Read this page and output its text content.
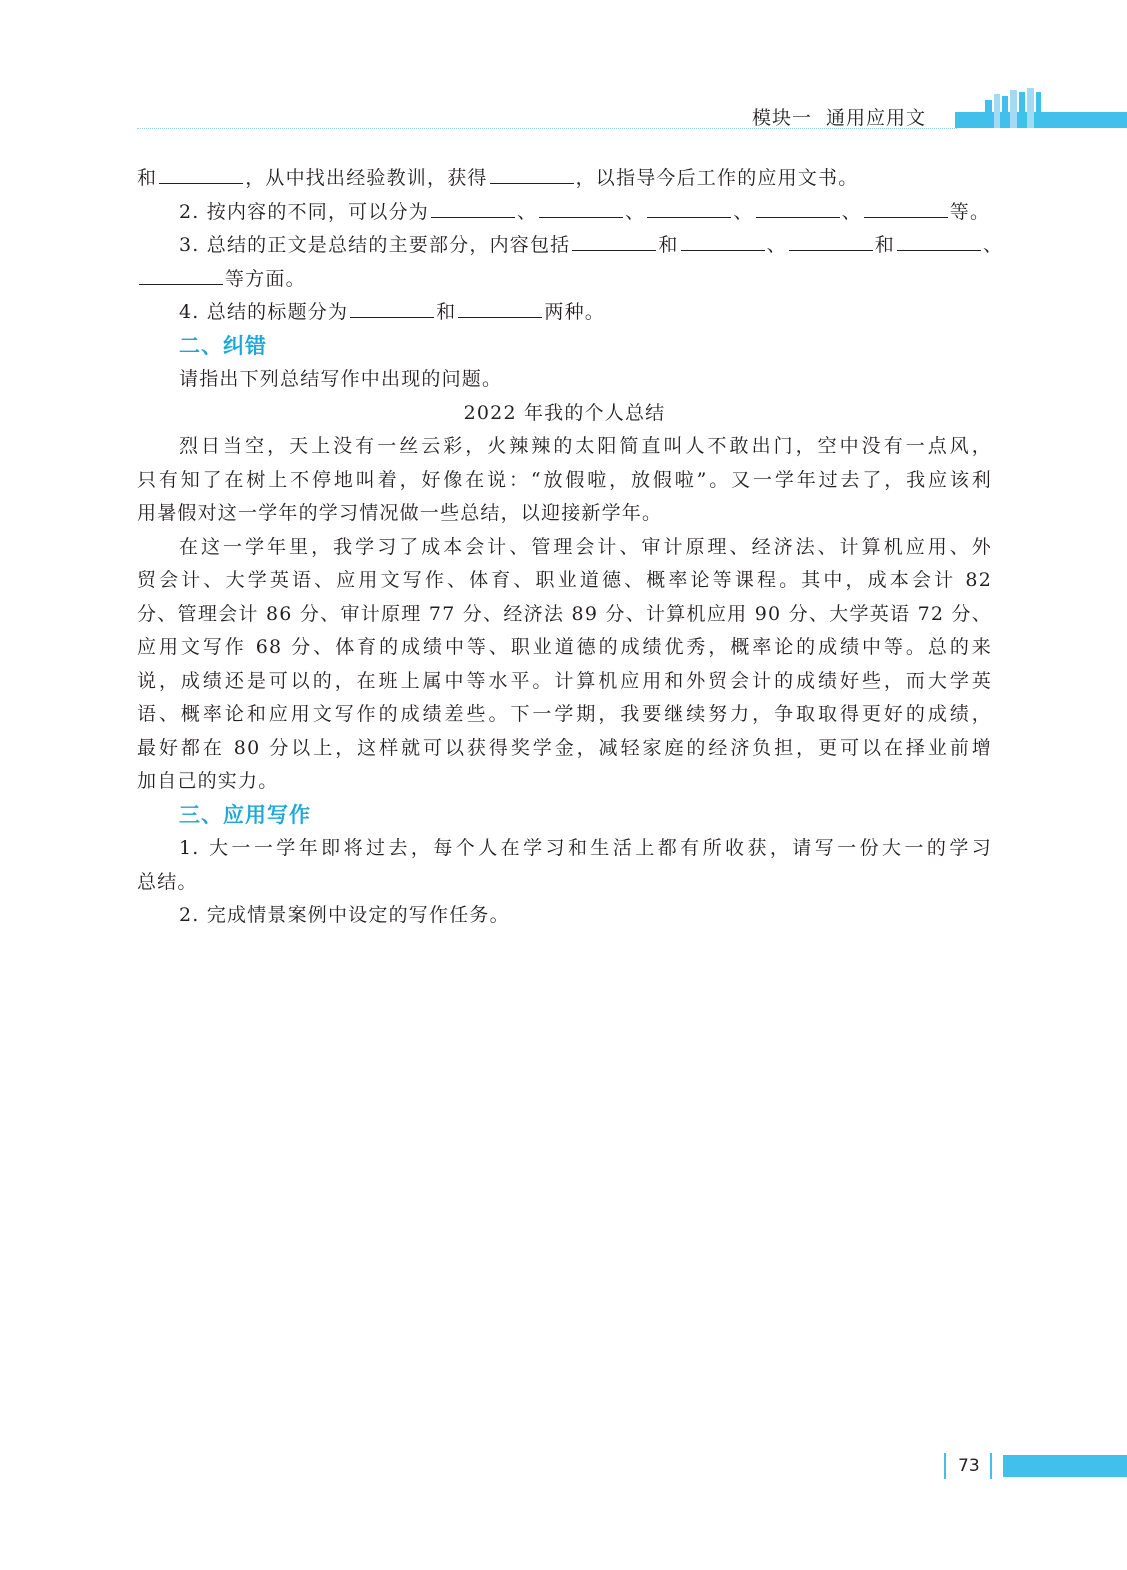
模块一 通用应用文
和	，从中找出经验教训，获得	，以指导今后工作的应用文书。
2. 按内容的不同，可以分为	、	、	、	、	等。
3. 总结的正文是总结的主要部分，内容包括	和	、	和	、
等方面。
4. 总结的标题分为	和	两种。
二、纠错
请指出下列总结写作中出现的问题。
2022 年我的个人总结
烈日当空，天上没有一丝云彩，火辣辣的太阳简直叫人不敢出门，空中没有一点风，
只有知了在树上不停地叫着，好像在说：“放假啦，放假啦”。又一学年过去了，我应该利
用暑假对这一学年的学习情况做一些总结，以迎接新学年。
在这一学年里，我学习了成本会计、管理会计、审计原理、经济法、计算机应用、外
贸会计、大学英语、应用文写作、体育、职业道德、概率论等课程。其中，成本会计 82
分、管理会计 86 分、审计原理 77 分、经济法 89 分、计算机应用 90 分、大学英语 72 分、
应用文写作 68 分、体育的成绩中等、职业道德的成绩优秀，概率论的成绩中等。总的来
说，成绩还是可以的，在班上属中等水平。计算机应用和外贸会计的成绩好些，而大学英
语、概率论和应用文写作的成绩差些。下一学期，我要继续努力，争取取得更好的成绩，
最好都在 80 分以上，这样就可以获得奖学金，减轻家庭的经济负担，更可以在择业前增
加自己的实力。
三、应用写作
1. 大一一学年即将过去，每个人在学习和生活上都有所收获，请写一份大一的学习
总结。
2. 完成情景案例中设定的写作任务。
73
